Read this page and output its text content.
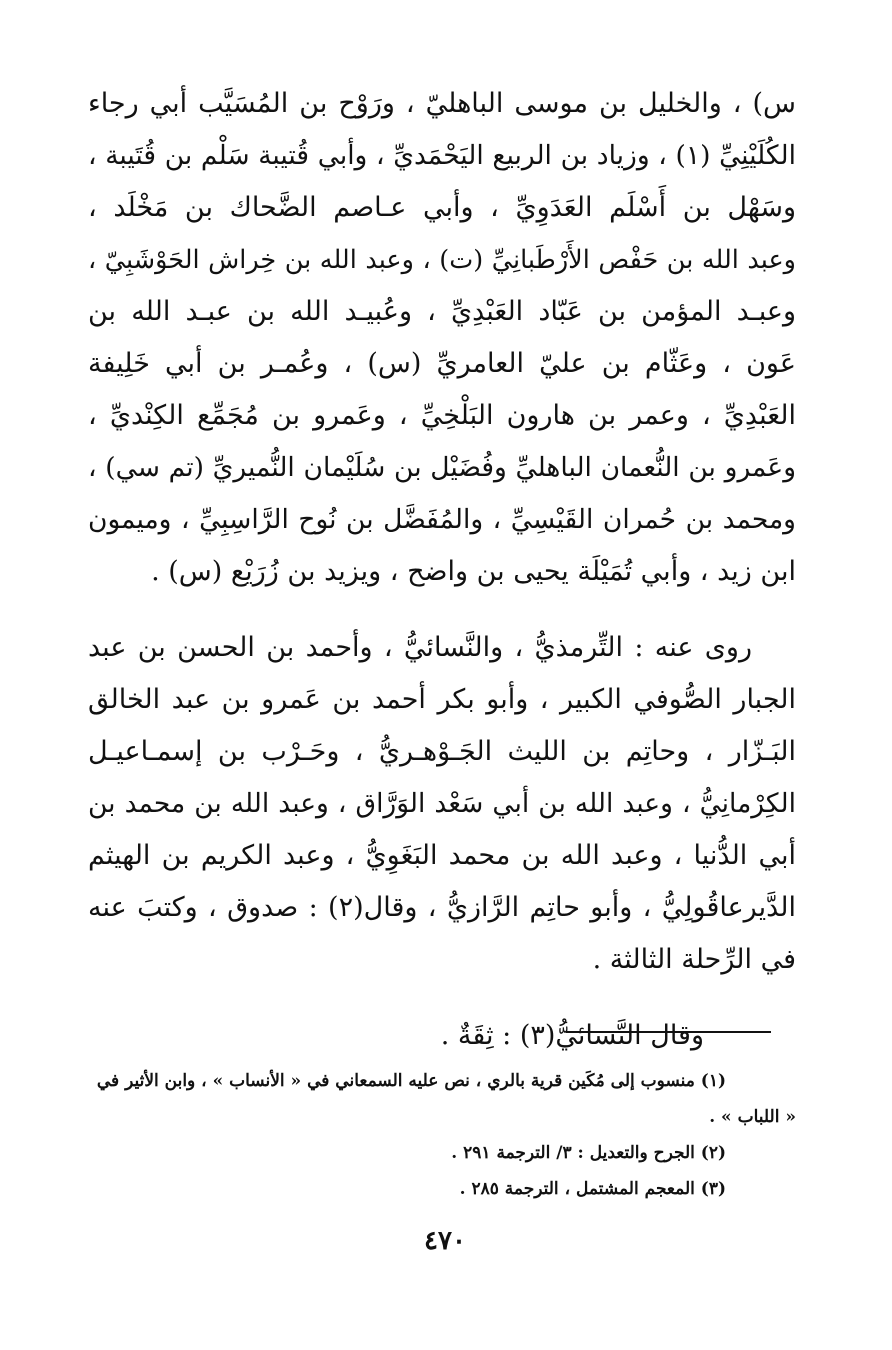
س) ، والخليل بن موسى الباهليّ ، ورَوْح بن المُسَيَّب أبي رجاء
الكُلَيْنِيِّ (١) ، وزياد بن الربيع اليَحْمَديِّ ، وأبي قُتيبة سَلْم بن قُتَيبة ،
وسَهْل بن أَسْلَم العَدَوِيِّ ، وأبي عـاصم الضَّحاك بن مَخْلَد ،
وعبد الله بن حَفْص الأَرْطَبانِيِّ (ت) ، وعبد الله بن خِراش الحَوْشَبِيّ ،
وعبـد المؤمن بن عَبّاد العَبْدِيِّ ، وعُبيـد الله بن عبـد الله بن
عَون ، وعَثّام بن عليّ العامريِّ (س) ، وعُمـر بن أبي خَلِيفة
العَبْدِيِّ ، وعمر بن هارون البَلْخِيِّ ، وعَمرو بن مُجَمِّع الكِنْديِّ ،
وعَمرو بن النُّعمان الباهليِّ وفُضَيْل بن سُلَيْمان النُّميريِّ (تم سي) ،
ومحمد بن حُمران القَيْسِيِّ ، والمُفَضَّل بن نُوح الرَّاسِبِيِّ ، وميمون
ابن زيد ، وأبي تُمَيْلَة يحيى بن واضح ، ويزيد بن زُرَيْع (س) .
روى عنه : التِّرمذيُّ ، والنَّسائيُّ ، وأحمد بن الحسن بن عبد
الجبار الصُّوفي الكبير ، وأبو بكر أحمد بن عَمرو بن عبد الخالق
البَـزّار ، وحاتِم بن الليث الجَـوْهـريُّ ، وحَـرْب بن إسمـاعيـل
الكِرْمانِيُّ ، وعبد الله بن أبي سَعْد الوَرَّاق ، وعبد الله بن محمد بن
أبي الدُّنيا ، وعبد الله بن محمد البَغَوِيُّ ، وعبد الكريم بن الهيثم
الدَّيرعاقُولِيُّ ، وأبو حاتِم الرَّازيُّ ، وقال(٢) : صدوق ، وكتبَ عنه
في الرِّحلة الثالثة .
وقال النَّسائيُّ(٣) : ثِقَةٌ .
(١) منسوب إلى مُكَين قرية بالري ، نص عليه السمعاني في « الأنساب » ، وابن الأثير في
« اللباب » .
(٢) الجرح والتعديل : ٣/ الترجمة ٢٩١ .
(٣) المعجم المشتمل ، الترجمة ٢٨٥ .
٤٧٠
